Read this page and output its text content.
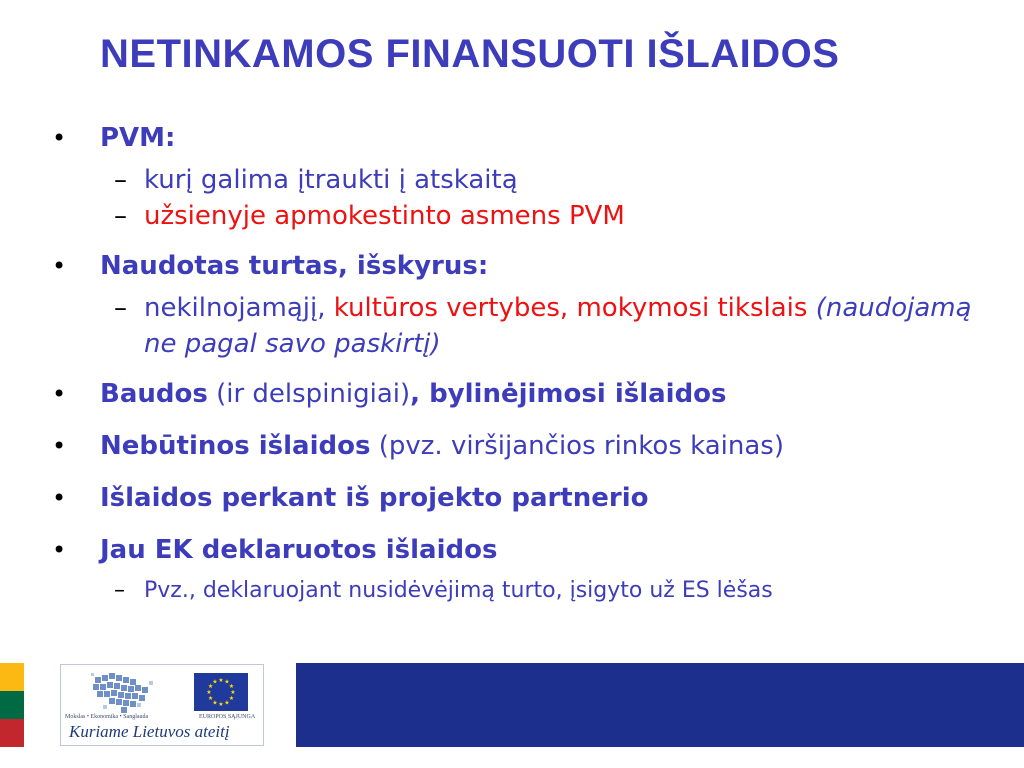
NETINKAMOS FINANSUOTI IŠLAIDOS
• PVM:
– kurį galima įtraukti į atskaitą
– užsienyje apmokestinto asmens PVM
• Naudotas turtas, išskyrus:
– nekilnojamąjį, kultūros vertybes, mokymosi tikslais (naudojamą ne pagal savo paskirtį)
• Baudos (ir delspinigiai), bylinėjimosi išlaidos
• Nebūtinos išlaidos (pvz. viršijančios rinkos kainas)
• Išlaidos perkant iš projekto partnerio
• Jau EK deklaruotos išlaidos
– Pvz., deklaruojant nusidėvėjimą turto, įsigyto už ES lėšas
★ ★
★
★
★
★
★
★
★
★
★
★
Mokslas • Ekonomika • Sanglauda	EUROPOS SĄJUNGA
Kuriame Lietuvos ateitį
